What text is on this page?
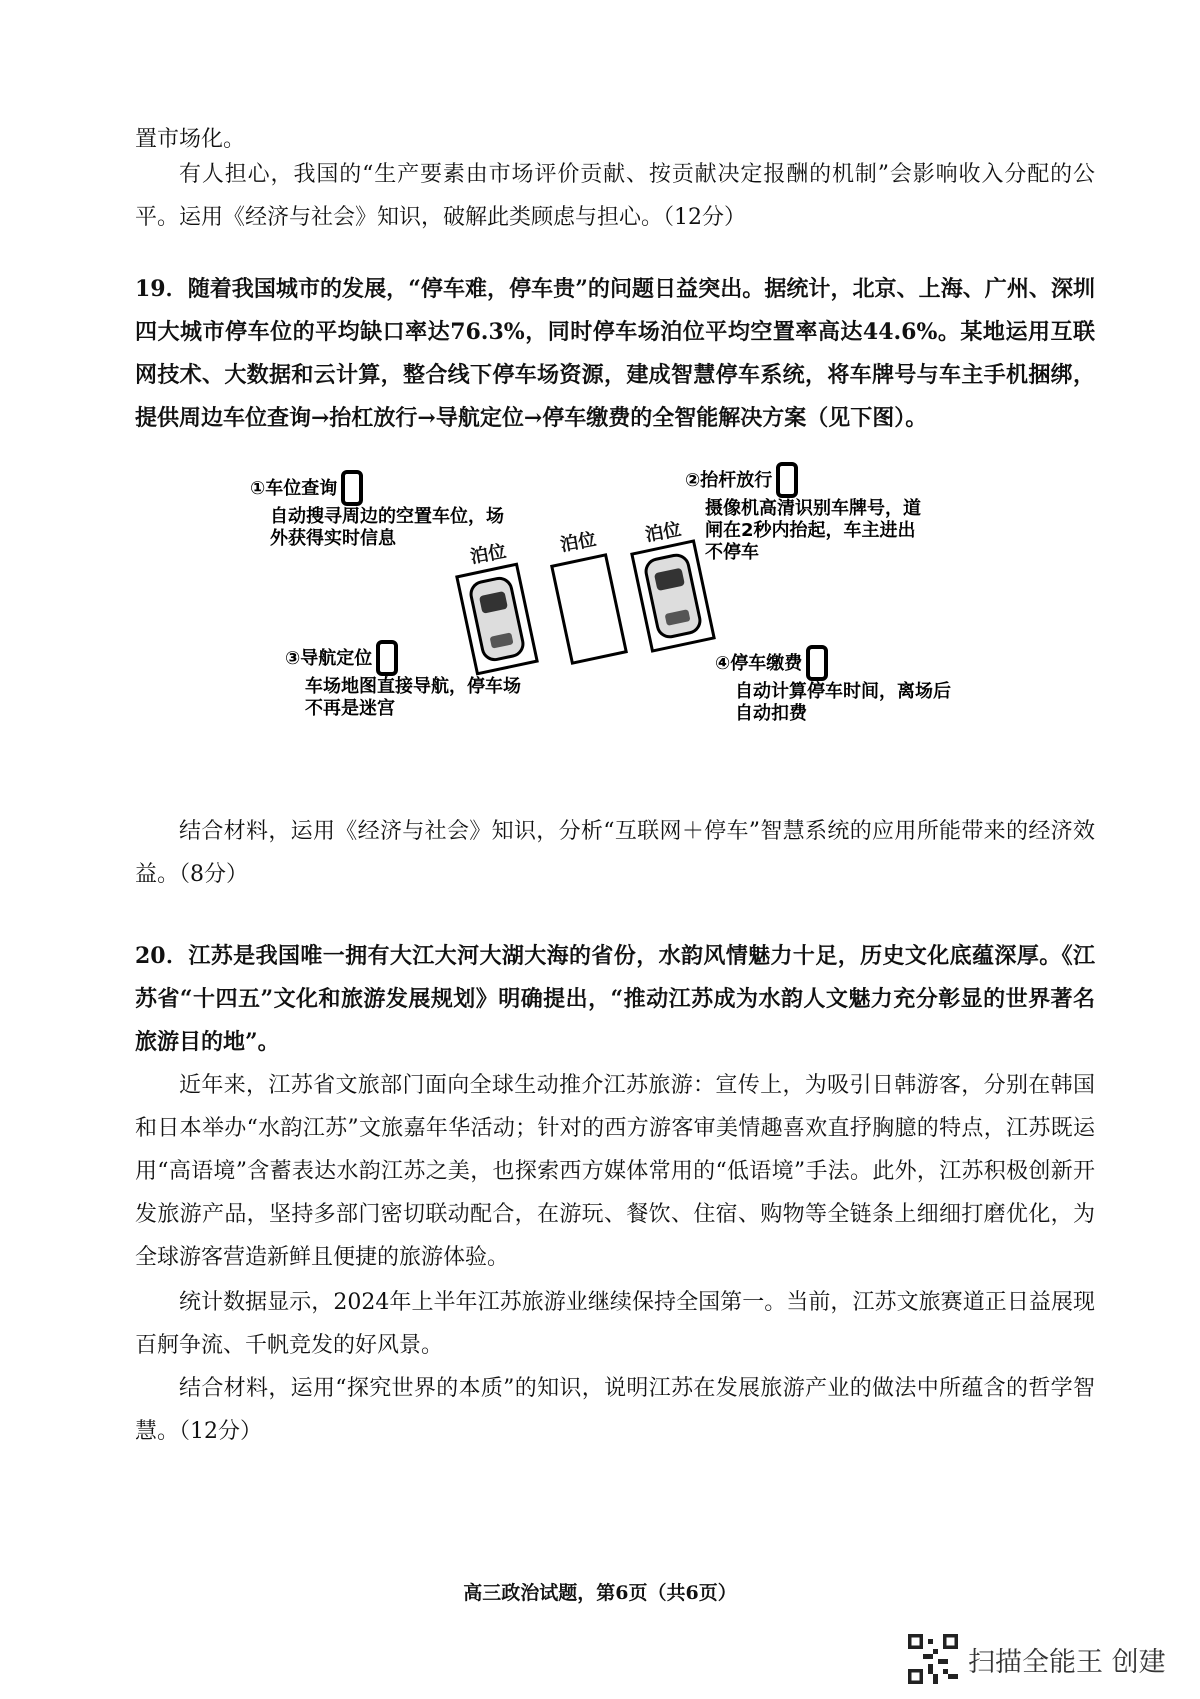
置市场化。

有人担心，我国的“生产要素由市场评价贡献、按贡献决定报酬的机制”会影响收入分配的公平。运用《经济与社会》知识，破解此类顾虑与担心。（12分）

19．随着我国城市的发展，“停车难，停车贵”的问题日益突出。据统计，北京、上海、广州、深圳四大城市停车位的平均缺口率达76.3%，同时停车场泊位平均空置率高达44.6%。某地运用互联网技术、大数据和云计算，整合线下停车场资源，建成智慧停车系统，将车牌号与车主手机捆绑，提供周边车位查询→抬杠放行→导航定位→停车缴费的全智能解决方案（见下图）。

①车位查询
自动搜寻周边的空置车位，场外获得实时信息
②抬杆放行
摄像机高清识别车牌号，道闸在2秒内抬起，车主进出不停车
③导航定位
车场地图直接导航，停车场不再是迷宫
④停车缴费
自动计算停车时间，离场后自动扣费
泊位	泊位	泊位

结合材料，运用《经济与社会》知识，分析“互联网＋停车”智慧系统的应用所能带来的经济效益。（8分）

20．江苏是我国唯一拥有大江大河大湖大海的省份，水韵风情魅力十足，历史文化底蕴深厚。《江苏省“十四五”文化和旅游发展规划》明确提出，“推动江苏成为水韵人文魅力充分彰显的世界著名旅游目的地”。

近年来，江苏省文旅部门面向全球生动推介江苏旅游：宣传上，为吸引日韩游客，分别在韩国和日本举办“水韵江苏”文旅嘉年华活动；针对的西方游客审美情趣喜欢直抒胸臆的特点，江苏既运用“高语境”含蓄表达水韵江苏之美，也探索西方媒体常用的“低语境”手法。此外，江苏积极创新开发旅游产品，坚持多部门密切联动配合，在游玩、餐饮、住宿、购物等全链条上细细打磨优化，为全球游客营造新鲜且便捷的旅游体验。

统计数据显示，2024年上半年江苏旅游业继续保持全国第一。当前，江苏文旅赛道正日益展现百舸争流、千帆竞发的好风景。

结合材料，运用“探究世界的本质”的知识，说明江苏在发展旅游产业的做法中所蕴含的哲学智慧。（12分）

高三政治试题，第6页（共6页）
扫描全能王 创建
